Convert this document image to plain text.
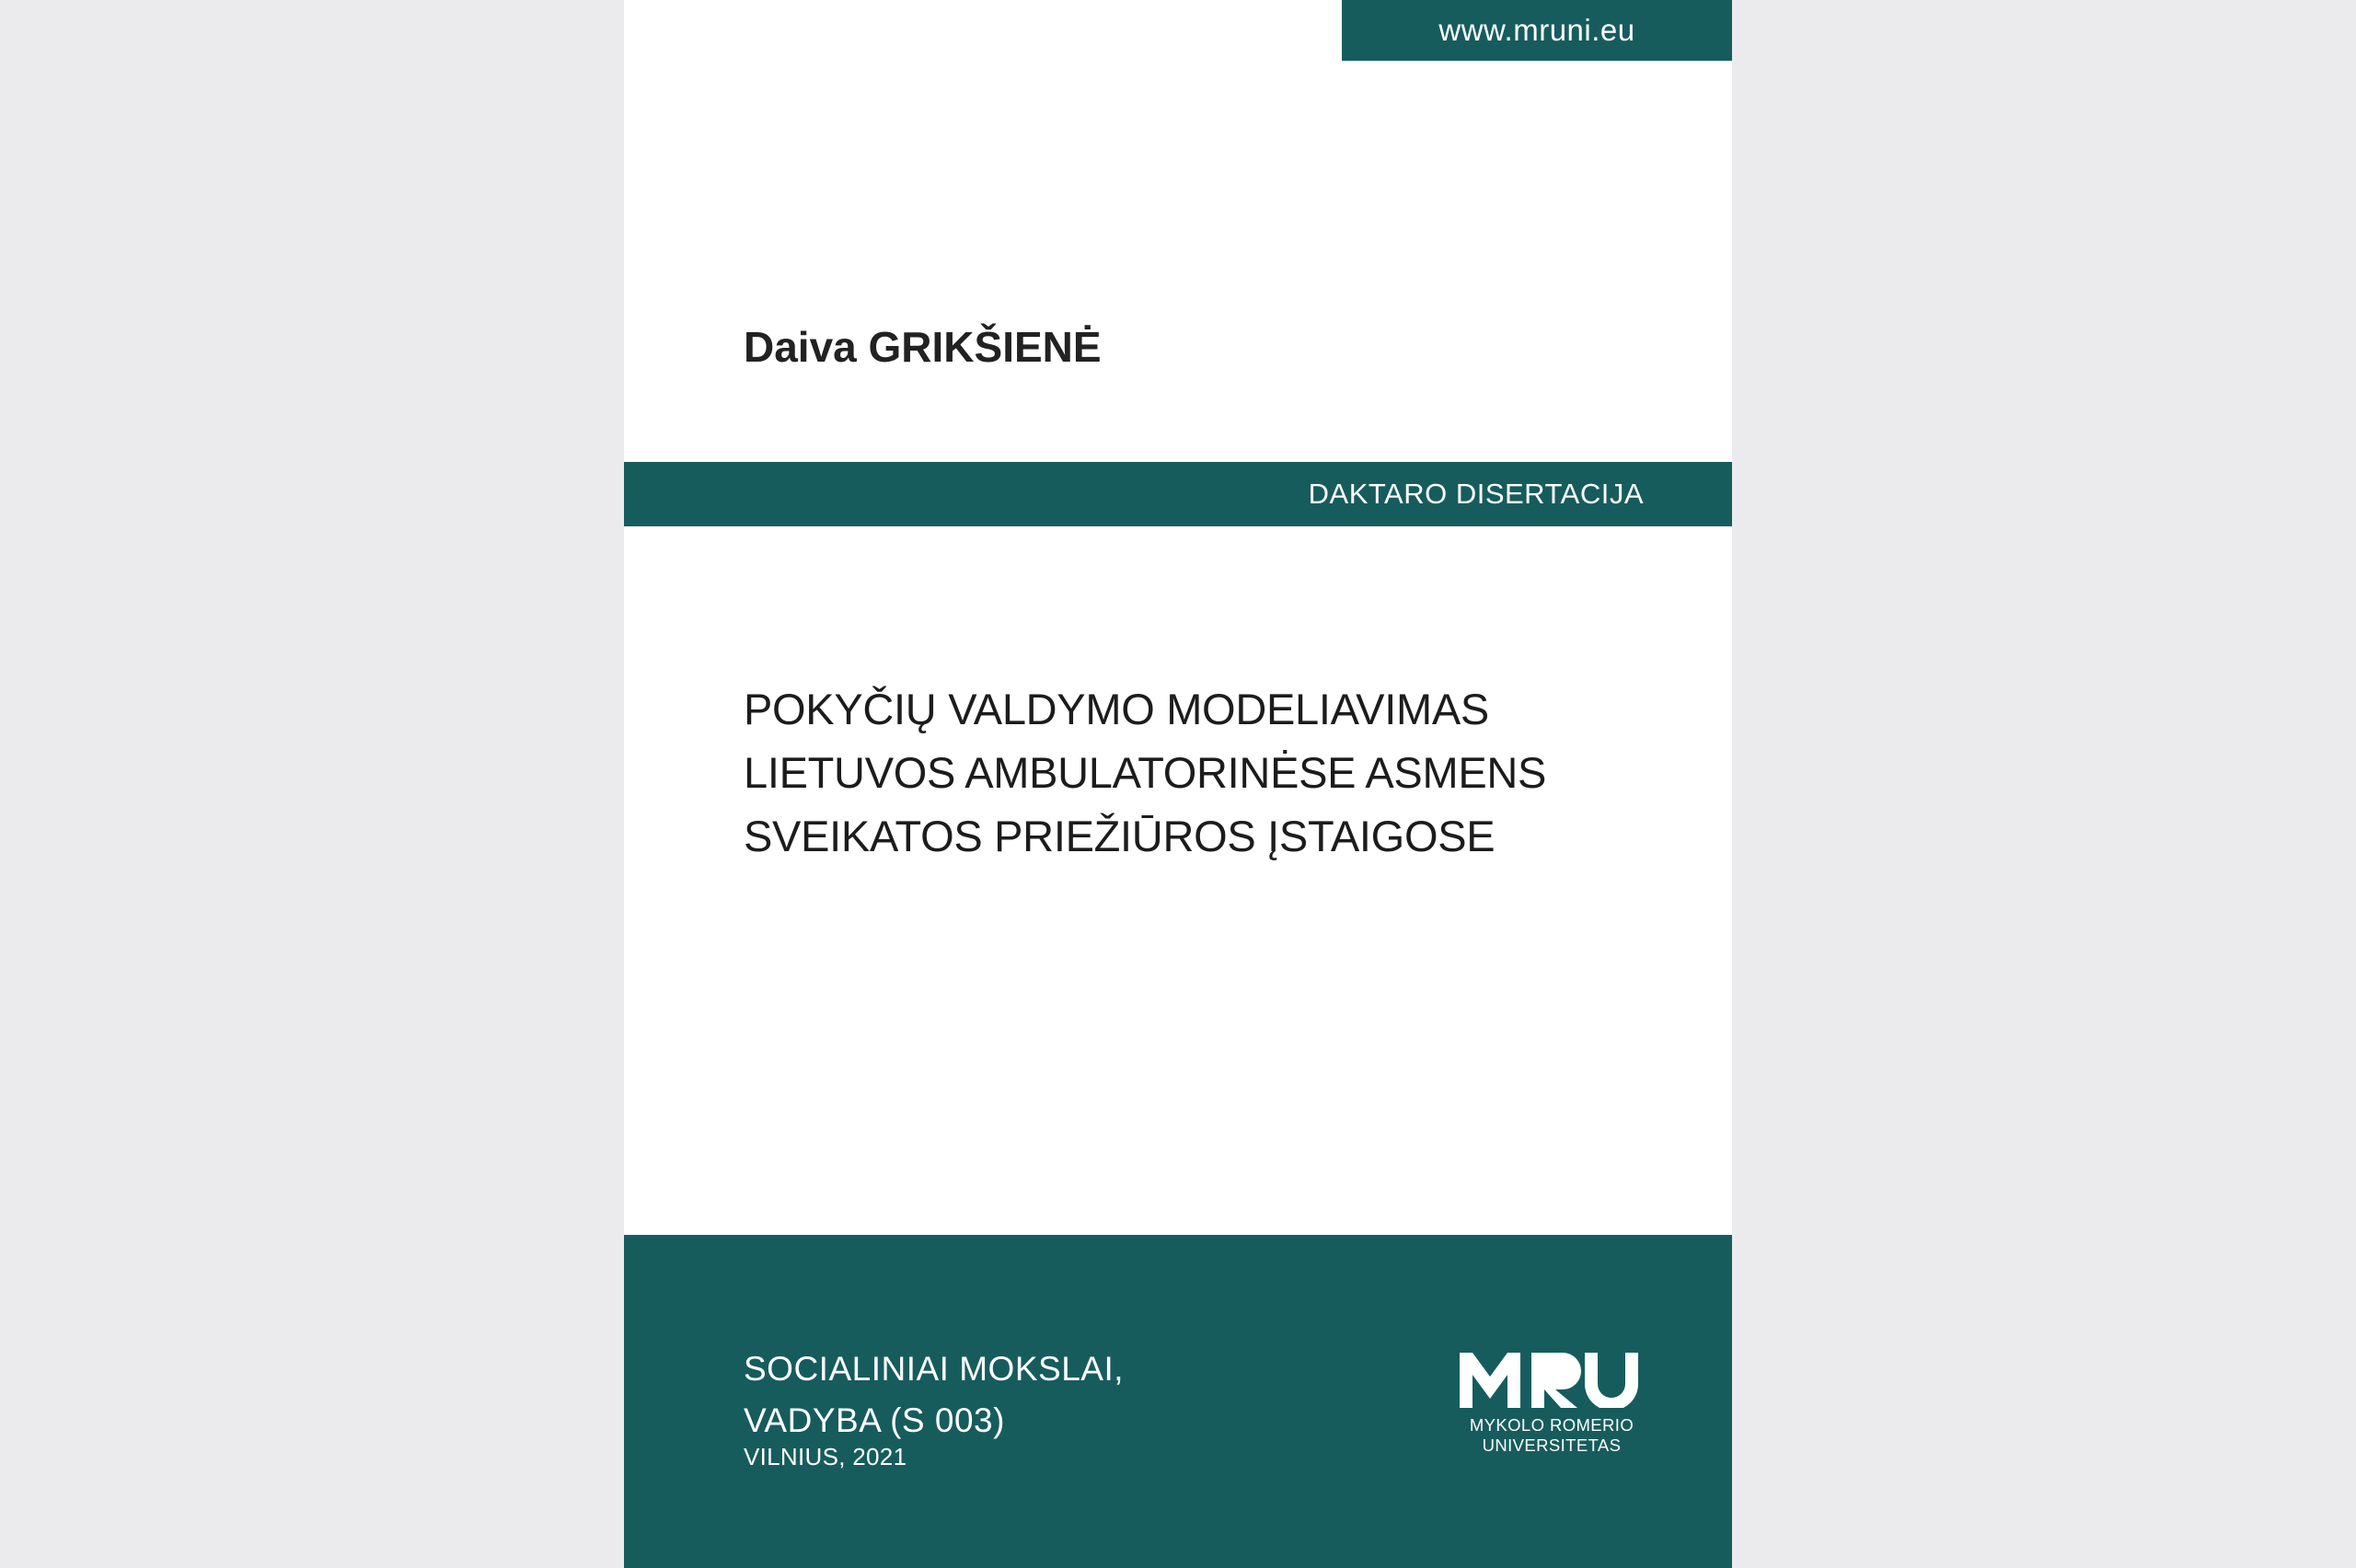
www.mruni.eu
Daiva GRIKŠIENĖ
DAKTARO DISERTACIJA
POKYČIŲ VALDYMO MODELIAVIMAS
LIETUVOS AMBULATORINĖSE ASMENS
SVEIKATOS PRIEŽIŪROS ĮSTAIGOSE
SOCIALINIAI MOKSLAI,
VADYBA (S 003)
VILNIUS, 2021
MYKOLO ROMERIO
UNIVERSITETAS
